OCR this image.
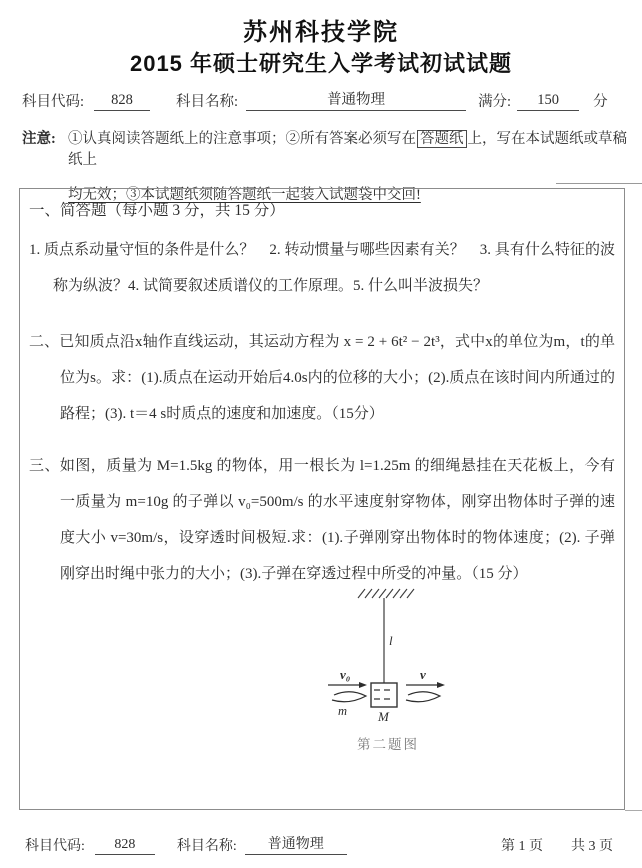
苏州科技学院
2015 年硕士研究生入学考试初试试题
科目代码:	828	科目名称:	普通物理	满分:	150	分
注意: ①认真阅读答题纸上的注意事项；②所有答案必须写在 答题纸 上，写在本试题纸或草稿纸上
均无效；③本试题纸须随答题纸一起装入试题袋中交回!

一、简答题（每小题 3 分，共 15 分）

1. 质点系动量守恒的条件是什么？　2. 转动惯量与哪些因素有关？　3. 具有什么特征的波称为纵波？4. 试简要叙述质谱仪的工作原理。5. 什么叫半波损失？

二、已知质点沿x轴作直线运动，其运动方程为 x = 2 + 6t² − 2t³，式中x的单位为m，t的单位为s。求：(1).质点在运动开始后4.0s内的位移的大小；(2).质点在该时间内所通过的路程；(3). t＝4 s时质点的速度和加速度。（15分）

三、如图，质量为 M=1.5kg 的物体，用一根长为 l=1.25m 的细绳悬挂在天花板上，今有一质量为 m=10g 的子弹以 v₀=500m/s 的水平速度射穿物体，刚穿出物体时子弹的速度大小 v=30m/s，设穿透时间极短.求：(1).子弹刚穿出物体时的物体速度；(2). 子弹刚穿出时绳中张力的大小；(3).子弹在穿透过程中所受的冲量。（15 分）

l
M
v₀
m
v
第二题图
科目代码:	828	科目名称:	普通物理	第 1 页 共 3 页
